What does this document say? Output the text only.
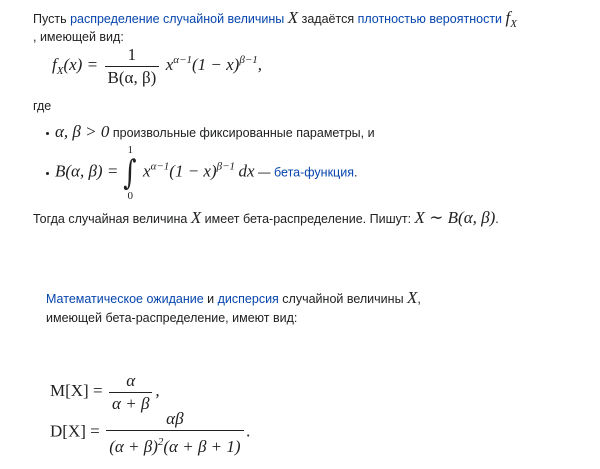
Пусть распределение случайной величины X задаётся плотностью вероятности fX
, имеющей вид:
$fX(x) = \frac{1}{B(\alpha, \beta)} x\alpha-1(1 - x)\beta-1$,
где
α, β > 0 произвольные фиксированные параметры, и
B(α, β) =
1
∫
0
xα−1(1 − x)β−1 dx — бета-функция.
Тогда случайная величина X имеет бета-распределение. Пишут: X ∼ B(α, β).
Математическое ожидание и дисперсия случайной величины X,
имеющей бета-распределение, имеют вид:
$M[X] = \frac{\alpha}{\alpha + \beta}$ ,
$D[X] = \frac{\alpha\beta}{(\alpha + \beta)^2(\alpha + \beta + 1)}$ .
